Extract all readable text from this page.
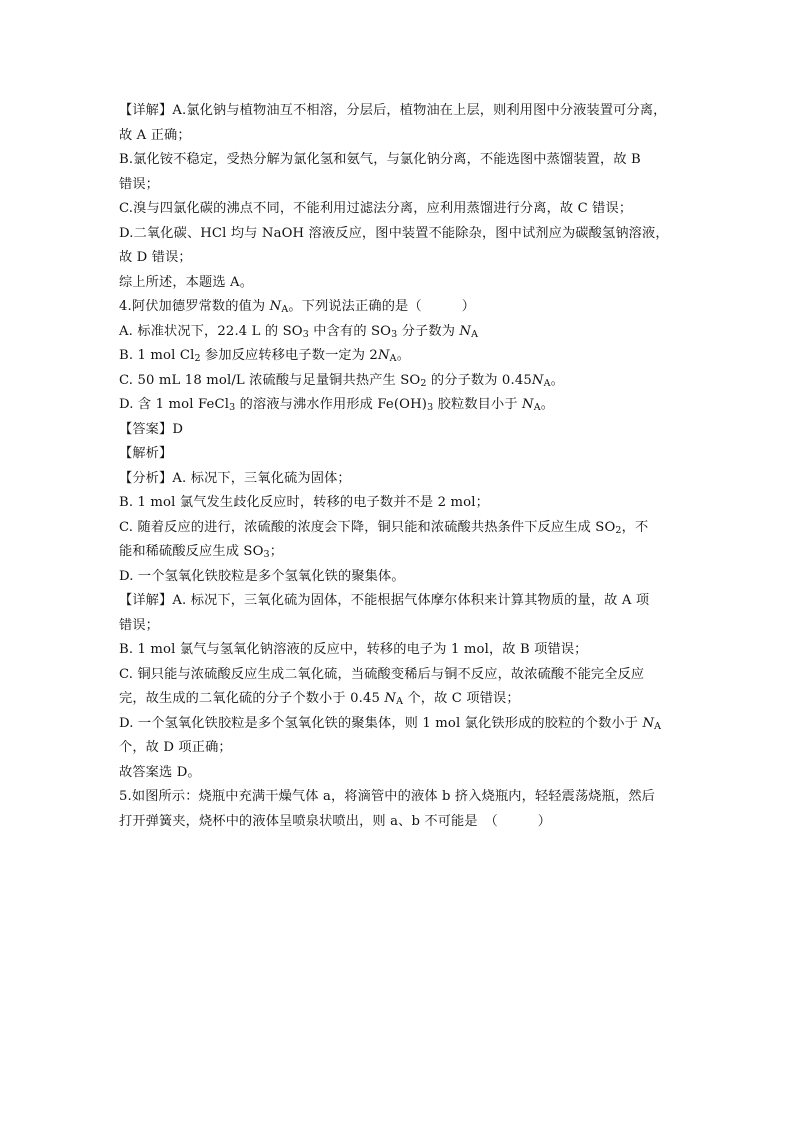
【详解】A.氯化钠与植物油互不相溶，分层后，植物油在上层，则利用图中分液装置可分离，
故 A 正确；
B.氯化铵不稳定，受热分解为氯化氢和氨气，与氯化钠分离，不能选图中蒸馏装置，故 B
错误；
C.溴与四氯化碳的沸点不同，不能利用过滤法分离，应利用蒸馏进行分离，故 C 错误；
D.二氧化碳、HCl 均与 NaOH 溶液反应，图中装置不能除杂，图中试剂应为碳酸氢钠溶液，
故 D 错误；
综上所述，本题选 A。
4.阿伏加德罗常数的值为 $N_A$。下列说法正确的是（　　　）
A. 标准状况下，22.4 L 的 $SO_3$ 中含有的 $SO_3$ 分子数为 $N_A$
B. 1 mol $Cl_2$ 参加反应转移电子数一定为 $2N_A$。
C. 50 mL 18 mol/L 浓硫酸与足量铜共热产生 $SO_2$ 的分子数为 $0.45N_A$。
D. 含 1 mol FeCl$_3$ 的溶液与沸水作用形成 $Fe(OH)_3$ 胶粒数目小于 $N_A$。
【答案】D
【解析】
【分析】A. 标况下，三氧化硫为固体；
B. 1 mol 氯气发生歧化反应时，转移的电子数并不是 2 mol；
C. 随着反应的进行，浓硫酸的浓度会下降，铜只能和浓硫酸共热条件下反应生成 $SO_2$，不
能和稀硫酸反应生成 $SO_3$；
D. 一个氢氧化铁胶粒是多个氢氧化铁的聚集体。
【详解】A. 标况下，三氧化硫为固体，不能根据气体摩尔体积来计算其物质的量，故 A 项
错误；
B. 1 mol 氯气与氢氧化钠溶液的反应中，转移的电子为 1 mol，故 B 项错误；
C. 铜只能与浓硫酸反应生成二氧化硫，当硫酸变稀后与铜不反应，故浓硫酸不能完全反应
完，故生成的二氧化硫的分子个数小于 0.45 $N_A$ 个，故 C 项错误；
D. 一个氢氧化铁胶粒是多个氢氧化铁的聚集体，则 1 mol 氯化铁形成的胶粒的个数小于 $N_A$
个，故 D 项正确；
故答案选 D。
5.如图所示：烧瓶中充满干燥气体 a，将滴管中的液体 b 挤入烧瓶内，轻轻震荡烧瓶，然后
打开弹簧夹，烧杯中的液体呈喷泉状喷出，则 a、b 不可能是　（　　　）
